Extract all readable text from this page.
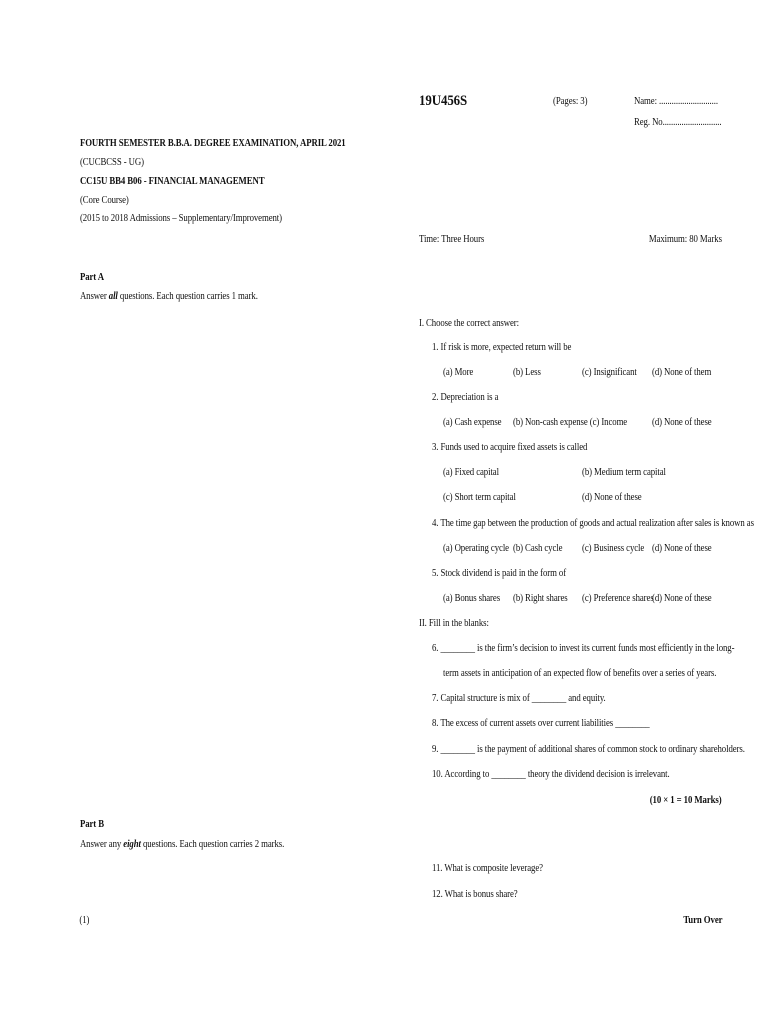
19U456S	(Pages: 3)	Name: ............................
Reg. No............................
FOURTH SEMESTER B.B.A. DEGREE EXAMINATION, APRIL 2021
(CUCBCSS - UG)
CC15U BB4 B06 - FINANCIAL MANAGEMENT
(Core Course)
(2015 to 2018 Admissions – Supplementary/Improvement)
Time: Three Hours	Maximum: 80 Marks
Part A
Answer all questions. Each question carries 1 mark.
I. Choose the correct answer:
1. If risk is more, expected return will be
(a) More	(b) Less	(c) Insignificant (d) None of them
2. Depreciation is a
(a) Cash expense (b) Non-cash expense (c) Income (d) None of these
3. Funds used to acquire fixed assets is called
(a) Fixed capital	(b) Medium term capital
(c) Short term capital	(d) None of these
4. The time gap between the production of goods and actual realization after sales is known as
(a) Operating cycle (b) Cash cycle (c) Business cycle (d) None of these
5. Stock dividend is paid in the form of
(a) Bonus shares (b) Right shares (c) Preference shares
(d) None of these
II. Fill in the blanks:
6. ________ is the firm’s decision to invest its current funds most efficiently in the long-
term assets in anticipation of an expected flow of benefits over a series of years.
7. Capital structure is mix of ________ and equity.
8. The excess of current assets over current liabilities ________
9. ________ is the payment of additional shares of common stock to ordinary shareholders.
10. According to ________ theory the dividend decision is irrelevant.
(10 × 1 = 10 Marks)
Part B
Answer any eight questions. Each question carries 2 marks.
11. What is composite leverage?
12. What is bonus share?
(1)	Turn Over
